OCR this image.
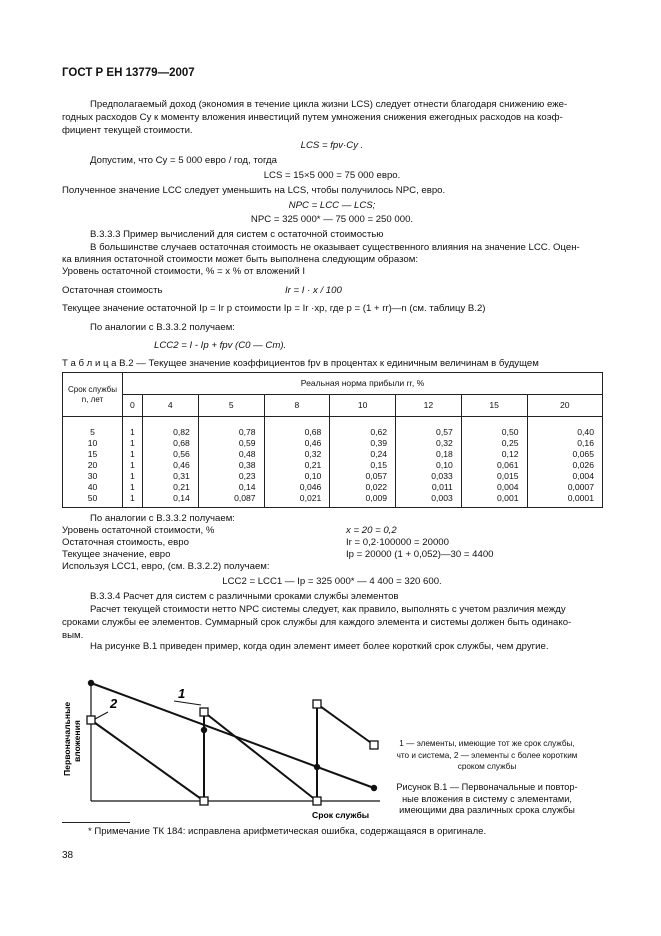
ГОСТ Р ЕН 13779—2007
Предполагаемый доход (экономия в течение цикла жизни LCS) следует отнести благодаря снижению еже-
годных расходов Су к моменту вложения инвестиций путем умножения снижения ежегодных расходов на коэф-
фициент текущей стоимости.
LCS = fpv·Cy .
Допустим, что Су = 5 000 евро / год, тогда
LCS = 15×5 000 = 75 000 евро.
Полученное значение LCC следует уменьшить на LCS, чтобы получилось NPC, евро.
NPC = LCC — LCS;
NPC = 325 000* — 75 000 = 250 000.
В.3.3.3 Пример вычислений для систем с остаточной стоимостью
В большинстве случаев остаточная стоимость не оказывает существенного влияния на значение LCC. Оцен-
ка влияния остаточной стоимости может быть выполнена следующим образом:
Уровень остаточной стоимости, % = x % от вложений I
Остаточная стоимость	Ir = I · x / 100
Текущее значение остаточной Ip = Ir p стоимости Ip = Ir ·xp, где p = (1 + rr)—n (см. таблицу В.2)
По аналогии с В.3.3.2 получаем:
LCC2 = I - Ip + fpv (C0 — Cm).
Т а б л и ц а В.2 — Текущее значение коэффициентов fpv в процентах к единичным величинам в будущем
Срок службы n, лет	Реальная норма прибыли rr, %							
	0	4	5	8	10	12	15	20

5	1	0,82	0,78	0,68	0,62	0,57	0,50	0,40
10	1	0,68	0,59	0,46	0,39	0,32	0,25	0,16
15	1	0,56	0,48	0,32	0,24	0,18	0,12	0,065
20	1	0,46	0,38	0,21	0,15	0,10	0,061	0,026
30	1	0,31	0,23	0,10	0,057	0,033	0,015	0,004
40	1	0,21	0,14	0,046	0,022	0,011	0,004	0,0007
50	1	0,14	0,087	0,021	0,009	0,003	0,001	0,0001

По аналогии с В.3.3.2 получаем:
Уровень остаточной стоимости, %	x = 20 = 0,2
Остаточная стоимость, евро	Ir = 0,2·100000 = 20000
Текущее значение, евро	Ip = 20000 (1 + 0,052)—30 = 4400
Используя LCC1, евро, (см. В.3.2.2) получаем:
LCC2 = LCC1 — Ip = 325 000* — 4 400 = 320 600.
В.3.3.4 Расчет для систем с различными сроками службы элементов
Расчет текущей стоимости нетто NPC системы следует, как правило, выполнять с учетом различия между
сроками службы ее элементов. Суммарный срок службы для каждого элемента и системы должен быть одинако-
вым.
На рисунке В.1 приведен пример, когда один элемент имеет более короткий срок службы, чем другие.
Первоначальные вложения
1
2
Срок службы
1 — элементы, имеющие тот же срок службы,
что и система, 2 — элементы с более коротким
сроком службы
Рисунок В.1 — Первоначальные и повтор-
ные вложения в систему с элементами,
имеющими два различных срока службы
* Примечание ТК 184: исправлена арифметическая ошибка, содержащаяся в оригинале.
38
